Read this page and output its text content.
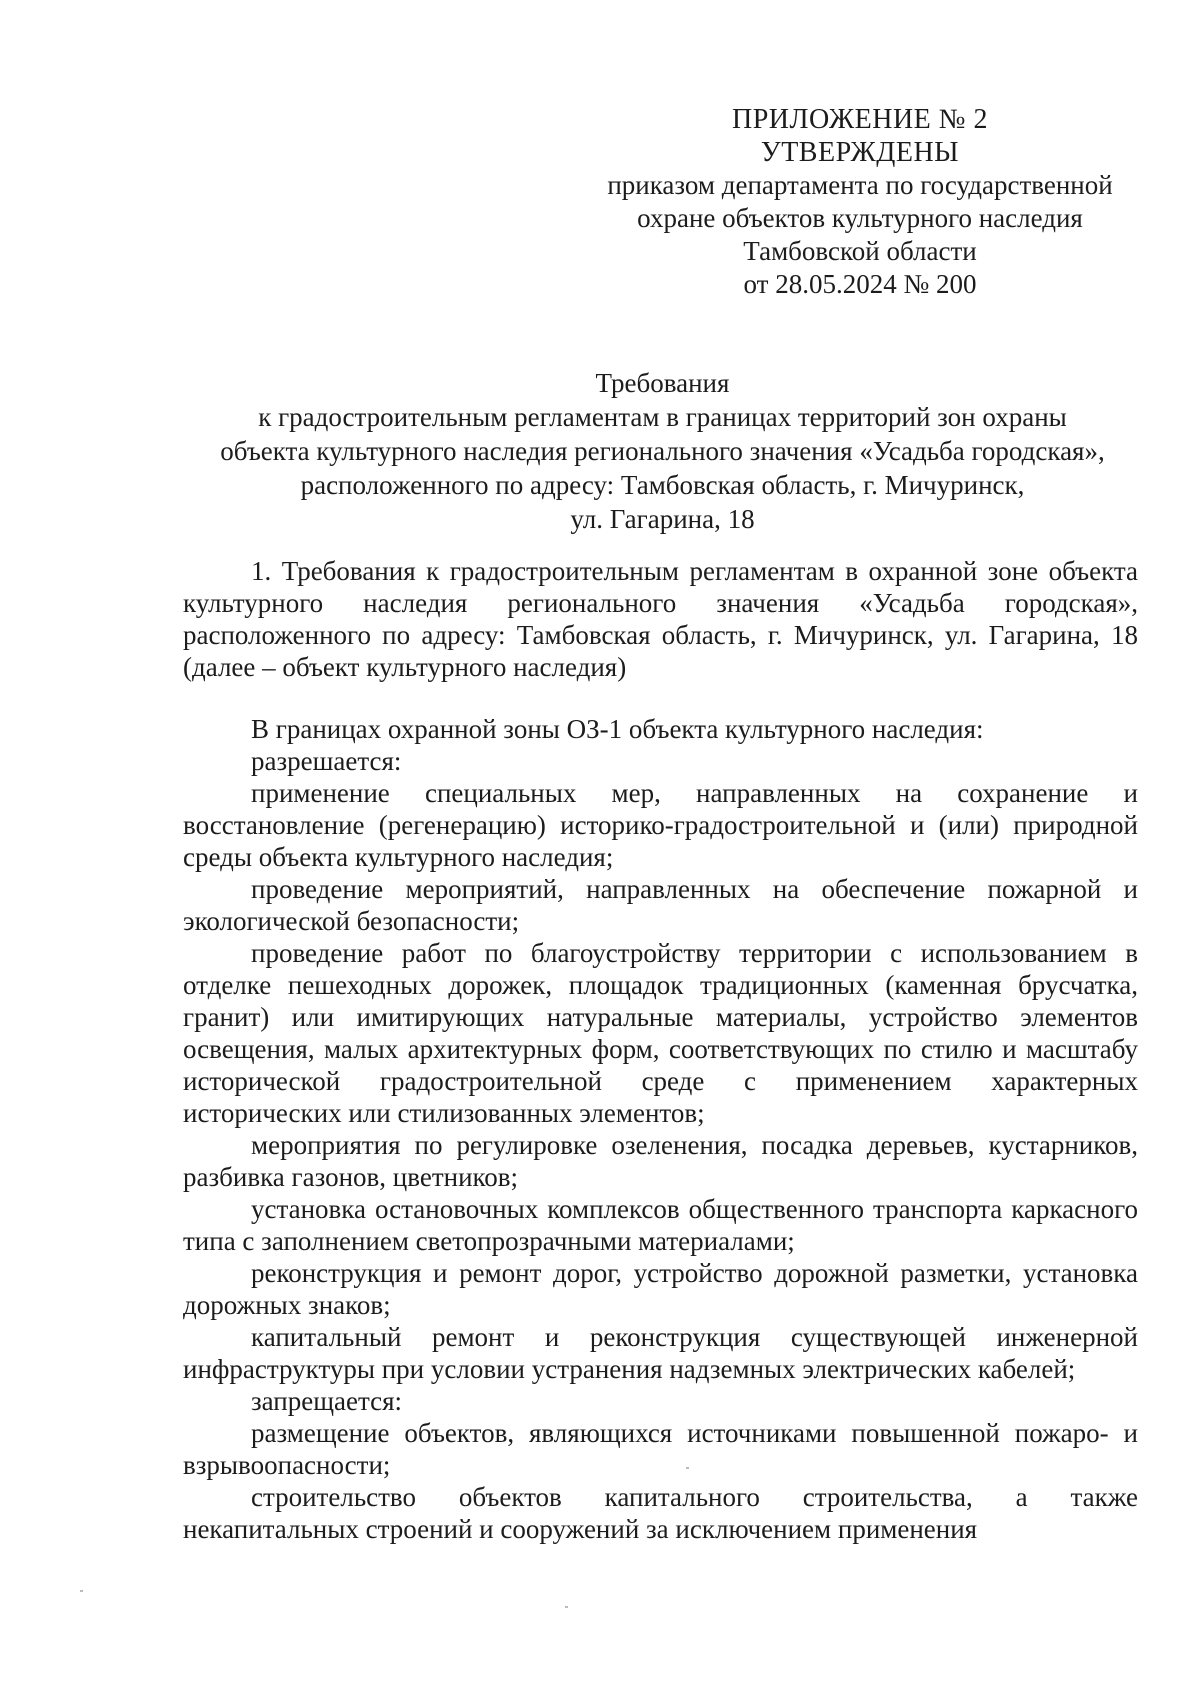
ПРИЛОЖЕНИЕ № 2
УТВЕРЖДЕНЫ
приказом департамента по государственной
охране объектов культурного наследия
Тамбовской области
от 28.05.2024 № 200
Требования
к градостроительным регламентам в границах территорий зон охраны
объекта культурного наследия регионального значения «Усадьба городская»,
расположенного по адресу: Тамбовская область, г. Мичуринск,
ул. Гагарина, 18

1. Требования к градостроительным регламентам в охранной зоне объекта культурного наследия регионального значения «Усадьба городская», расположенного по адресу: Тамбовская область, г. Мичуринск, ул. Гагарина, 18 (далее – объект культурного наследия)

В границах охранной зоны ОЗ-1 объекта культурного наследия:

разрешается:

применение специальных мер, направленных на сохранение и восстановление (регенерацию) историко-градостроительной и (или) природной среды объекта культурного наследия;

проведение мероприятий, направленных на обеспечение пожарной и экологической безопасности;

проведение работ по благоустройству территории с использованием в отделке пешеходных дорожек, площадок традиционных (каменная брусчатка, гранит) или имитирующих натуральные материалы, устройство элементов освещения, малых архитектурных форм, соответствующих по стилю и масштабу исторической градостроительной среде с применением характерных исторических или стилизованных элементов;

мероприятия по регулировке озеленения, посадка деревьев, кустарников, разбивка газонов, цветников;

установка остановочных комплексов общественного транспорта каркасного типа с заполнением светопрозрачными материалами;

реконструкция и ремонт дорог, устройство дорожной разметки, установка дорожных знаков;

капитальный ремонт и реконструкция существующей инженерной инфраструктуры при условии устранения надземных электрических кабелей;

запрещается:

размещение объектов, являющихся источниками повышенной пожаро- и взрывоопасности;

строительство объектов капитального строительства, а также некапитальных строений и сооружений за исключением применения
